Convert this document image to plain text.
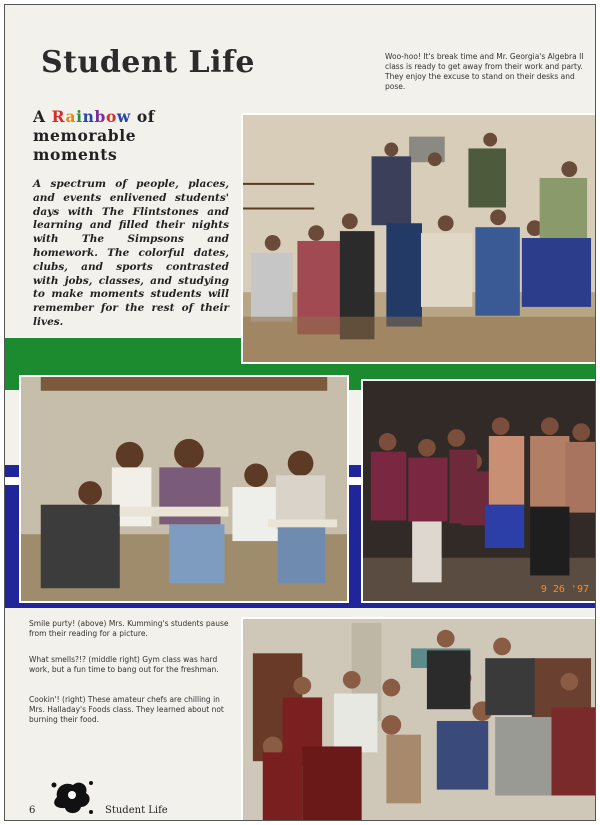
Student Life	Woo-hoo! It's break time and Mr. Georgia's Algebra II class is ready to get away from their work and party. They enjoy the excuse to stand on their desks and pose.
A Rainbow of
memorable
moments
A spectrum of people, places, and events enlivened students' days with The Flintstones and learning and filled their nights with The Simpsons and homework. The colorful dates, clubs, and sports contrasted with jobs, classes, and studying to make moments students will remember for the rest of their lives.
9 26 '97
Smile purty! (above) Mrs. Kumming's students pause from their reading for a picture.
What smells?!? (middle right) Gym class was hard work, but a fun time to bang out for the freshman.
Cookin'! (right) These amateur chefs are chilling in Mrs. Halladay's Foods class. They learned about not burning their food.
6	Student Life
